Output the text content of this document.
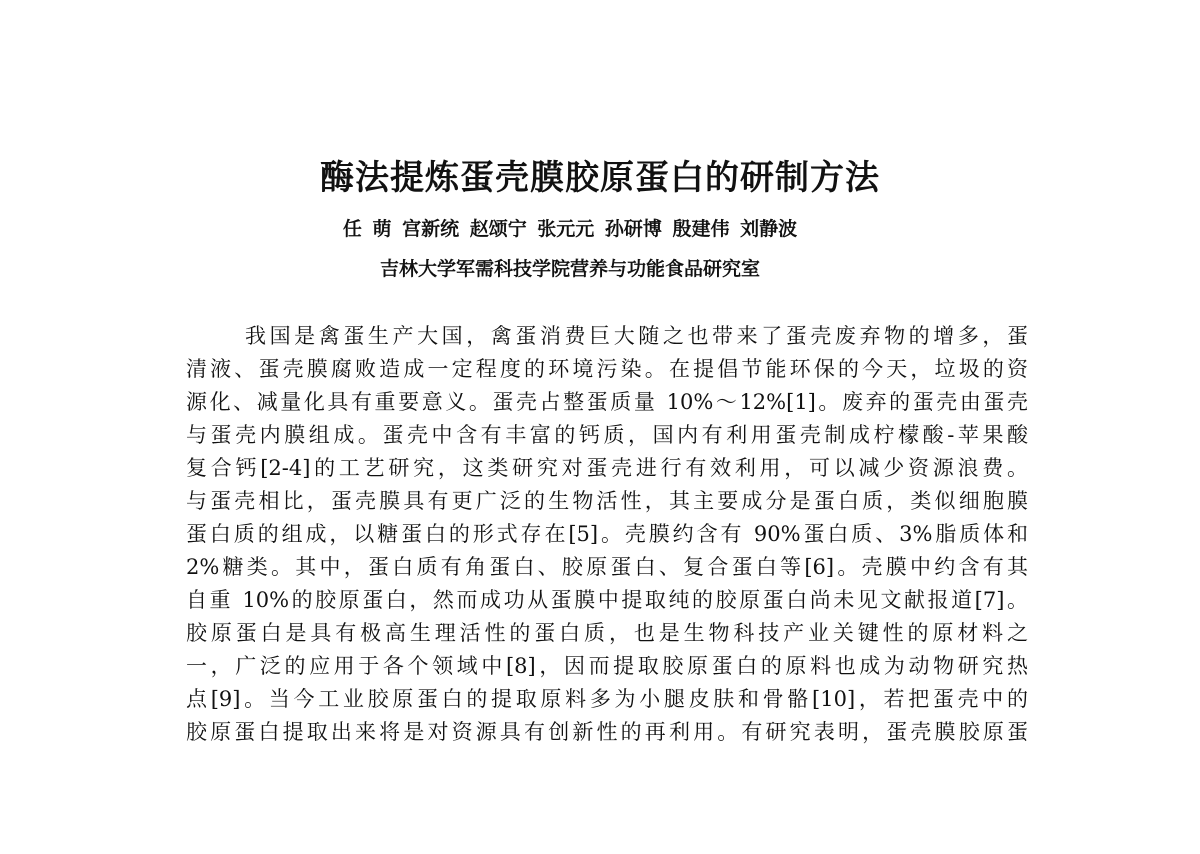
酶法提炼蛋壳膜胶原蛋白的研制方法
任 萌 宫新统 赵颂宁 张元元 孙研博 殷建伟 刘静波
吉林大学军需科技学院营养与功能食品研究室
我国是禽蛋生产大国，禽蛋消费巨大随之也带来了蛋壳废弃物的增多，蛋
清液、蛋壳膜腐败造成一定程度的环境污染。在提倡节能环保的今天，垃圾的资
源化、减量化具有重要意义。蛋壳占整蛋质量 10%～12%[1]。废弃的蛋壳由蛋壳
与蛋壳内膜组成。蛋壳中含有丰富的钙质，国内有利用蛋壳制成柠檬酸-苹果酸
复合钙[2-4]的工艺研究，这类研究对蛋壳进行有效利用，可以减少资源浪费。
与蛋壳相比，蛋壳膜具有更广泛的生物活性，其主要成分是蛋白质，类似细胞膜
蛋白质的组成，以糖蛋白的形式存在[5]。壳膜约含有 90%蛋白质、3%脂质体和
2%糖类。其中，蛋白质有角蛋白、胶原蛋白、复合蛋白等[6]。壳膜中约含有其
自重 10%的胶原蛋白，然而成功从蛋膜中提取纯的胶原蛋白尚未见文献报道[7]。
胶原蛋白是具有极高生理活性的蛋白质，也是生物科技产业关键性的原材料之
一，广泛的应用于各个领域中[8]，因而提取胶原蛋白的原料也成为动物研究热
点[9]。当今工业胶原蛋白的提取原料多为小腿皮肤和骨骼[10]，若把蛋壳中的
胶原蛋白提取出来将是对资源具有创新性的再利用。有研究表明，蛋壳膜胶原蛋
